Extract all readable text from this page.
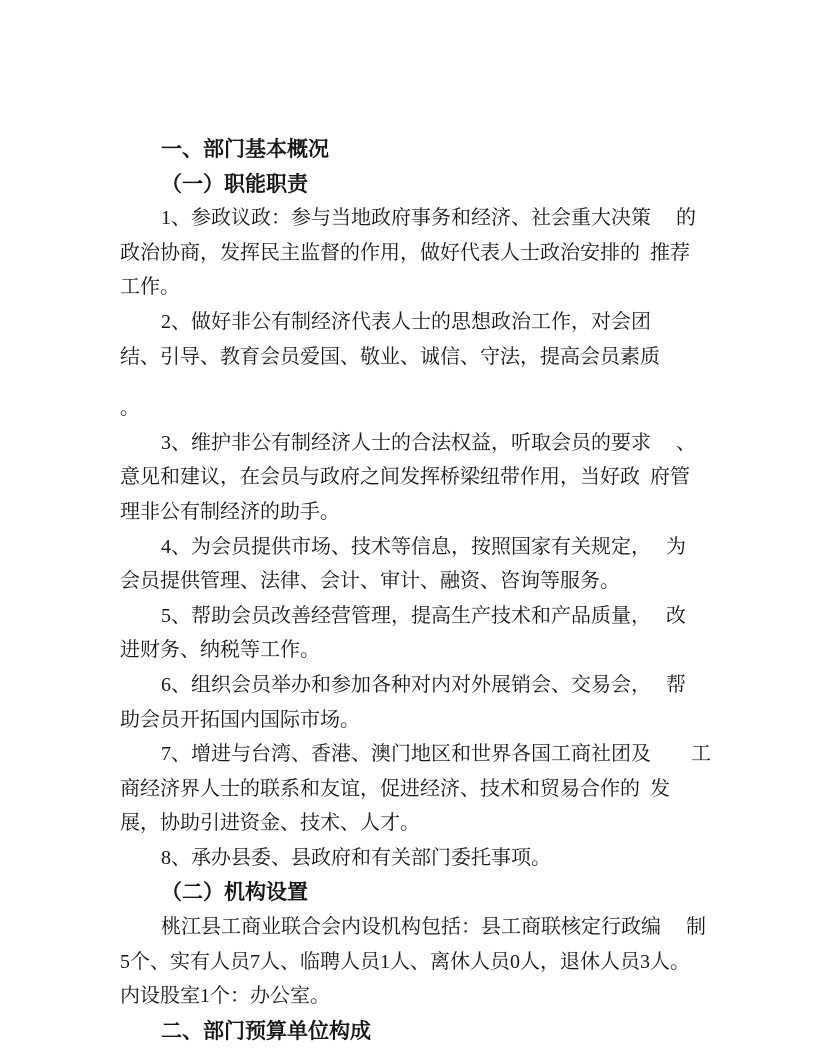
一、部门基本概况
（一）职能职责
1、参政议政：参与当地政府事务和经济、社会重大决策　 的
政治协商，发挥民主监督的作用，做好代表人士政治安排的  推荐
工作。
2、做好非公有制经济代表人士的思想政治工作，对会团
结、引导、教育会员爱国、敬业、诚信、守法，提高会员素质
。
3、维护非公有制经济人士的合法权益，听取会员的要求　 、
意见和建议，在会员与政府之间发挥桥梁纽带作用，当好政  府管
理非公有制经济的助手。
4、为会员提供市场、技术等信息，按照国家有关规定，　 为
会员提供管理、法律、会计、审计、融资、咨询等服务。
5、帮助会员改善经营管理，提高生产技术和产品质量，　 改
进财务、纳税等工作。
6、组织会员举办和参加各种对内对外展销会、交易会，　 帮
助会员开拓国内国际市场。
7、增进与台湾、香港、澳门地区和世界各国工商社团及　　工
商经济界人士的联系和友谊，促进经济、技术和贸易合作的  发
展，协助引进资金、技术、人才。
8、承办县委、县政府和有关部门委托事项。
（二）机构设置
桃江县工商业联合会内设机构包括：县工商联核定行政编　 制
5个、实有人员7人、临聘人员1人、离休人员0人，退休人员3人。
内设股室1个：办公室。
二、部门预算单位构成
